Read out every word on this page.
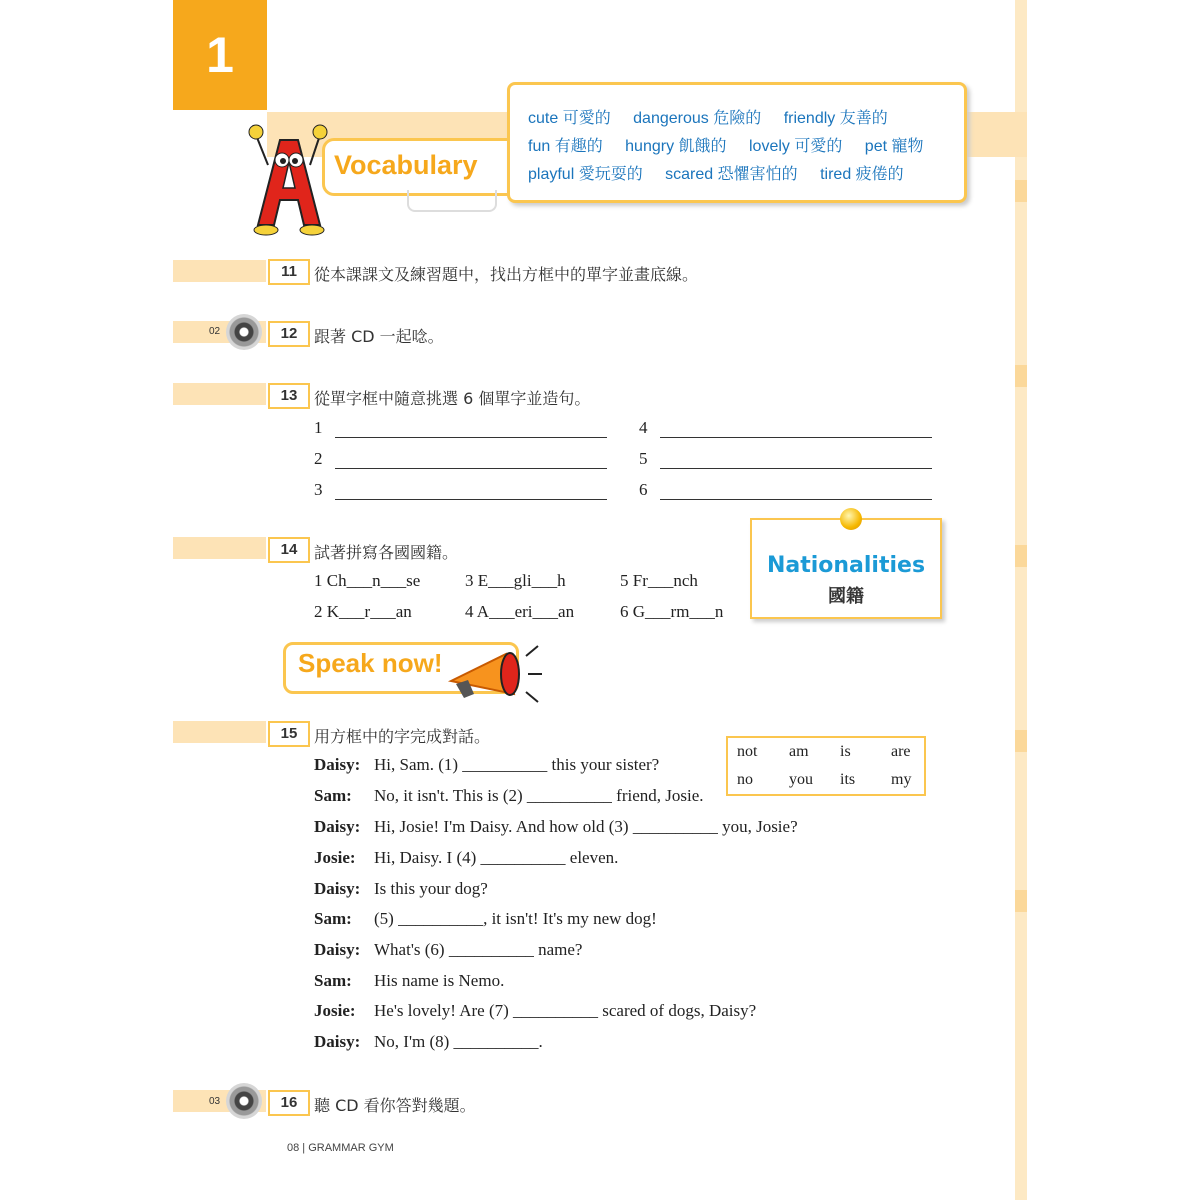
1
Vocabulary
cute 可愛的 dangerous 危險的 friendly 友善的
fun 有趣的 hungry 飢餓的 lovely 可愛的 pet 寵物
playful 愛玩耍的 scared 恐懼害怕的 tired 疲倦的
11	從本課課文及練習題中，找出方框中的單字並畫底線。
02	12	跟著 CD 一起唸。
13	從單字框中隨意挑選 6 個單字並造句。
1
2
3
4
5
6
14	試著拼寫各國國籍。
1 Ch___n___se	3 E___gli___h	5 Fr___nch
2 K___r___an	4 A___eri___an	6 G___rm___n
Nationalities
國籍
Speak now!
15	用方框中的字完成對話。
not am is	are
no you its my
Daisy: Hi, Sam. (1) __________ this your sister?
Sam: No, it isn't. This is (2) __________ friend, Josie.
Daisy: Hi, Josie! I'm Daisy. And how old (3) __________ you, Josie?
Josie: Hi, Daisy. I (4) __________ eleven.
Daisy: Is this your dog?
Sam: (5) __________, it isn't! It's my new dog!
Daisy: What's (6) __________ name?
Sam: His name is Nemo.
Josie: He's lovely! Are (7) __________ scared of dogs, Daisy?
Daisy: No, I'm (8) __________.
03	16	聽 CD 看你答對幾題。
08 | GRAMMAR GYM
